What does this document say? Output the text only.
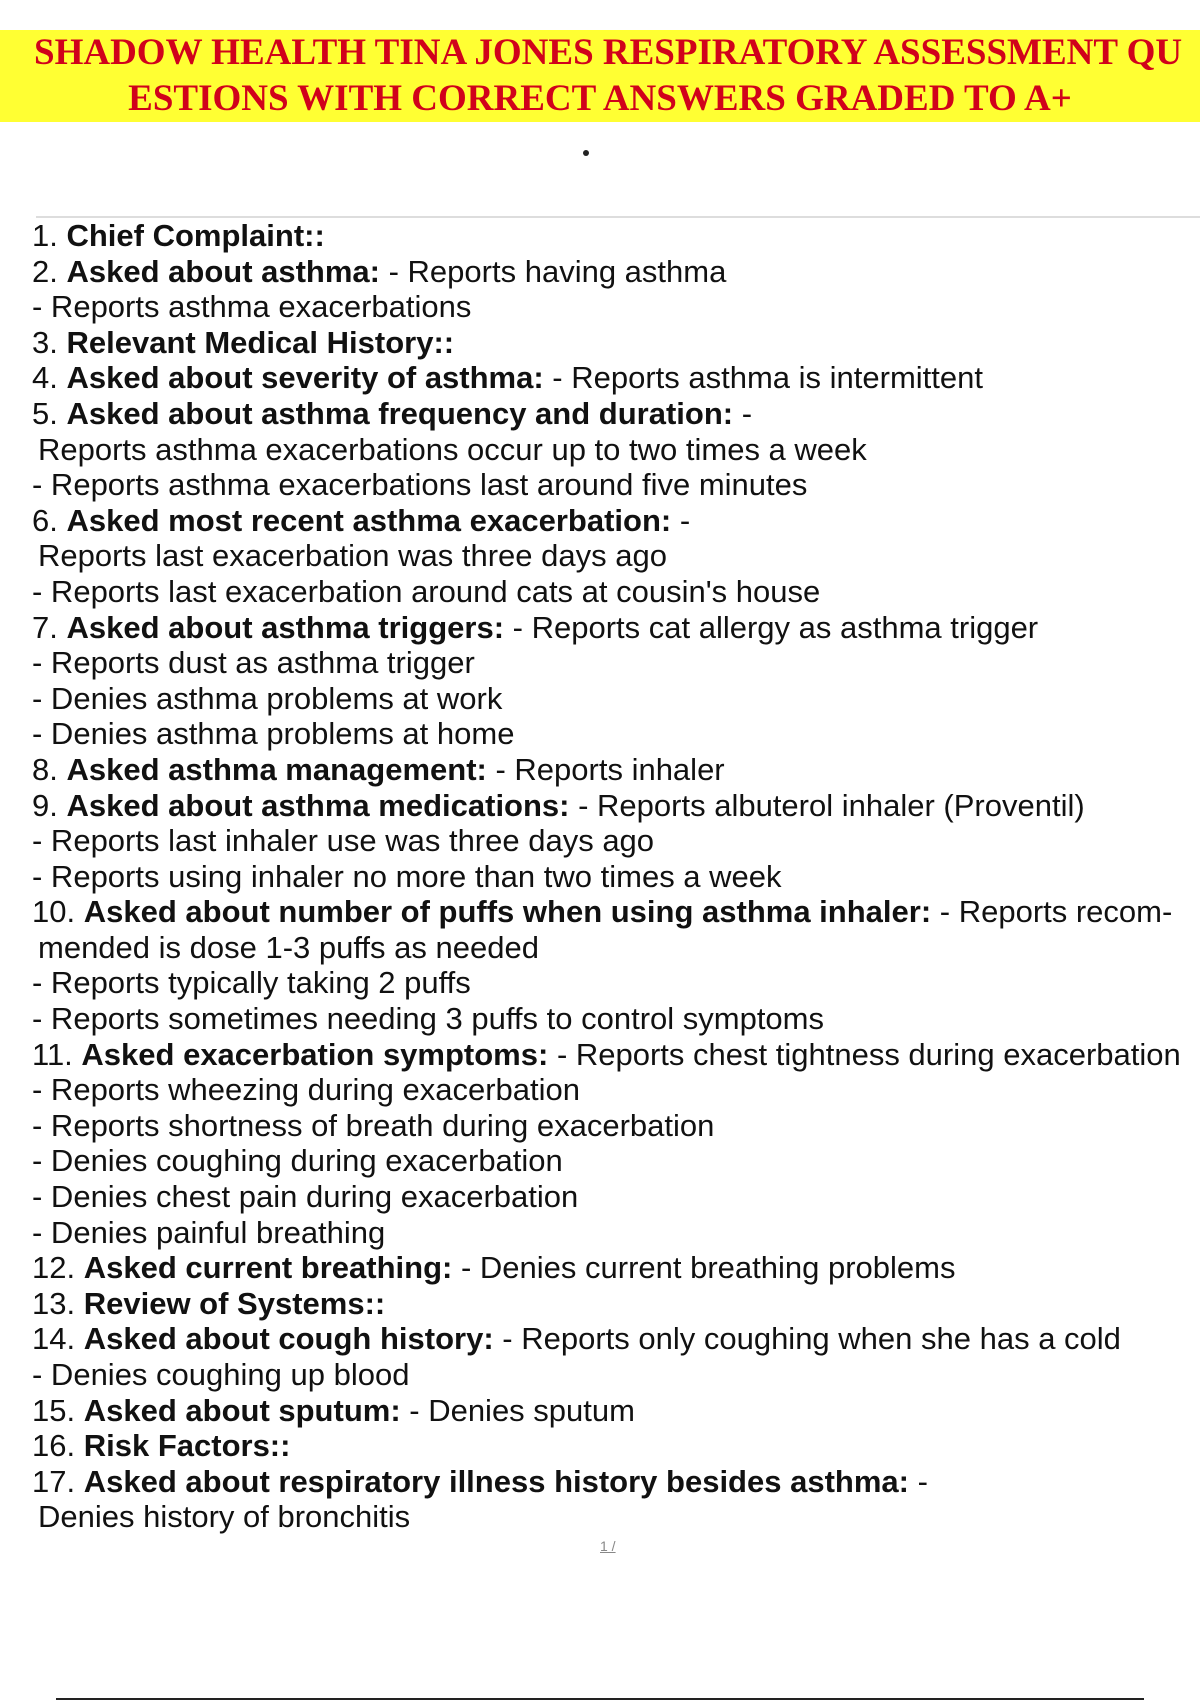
SHADOW HEALTH TINA JONES RESPIRATORY ASSESSMENT QU
ESTIONS WITH CORRECT ANSWERS GRADED TO A+
1. Chief Complaint::
2. Asked about asthma: - Reports having asthma
- Reports asthma exacerbations
3. Relevant Medical History::
4. Asked about severity of asthma: - Reports asthma is intermittent
5. Asked about asthma frequency and duration: -
Reports asthma exacerbations occur up to two times a week
- Reports asthma exacerbations last around five minutes
6. Asked most recent asthma exacerbation: -
Reports last exacerbation was three days ago
- Reports last exacerbation around cats at cousin's house
7. Asked about asthma triggers: - Reports cat allergy as asthma trigger
- Reports dust as asthma trigger
- Denies asthma problems at work
- Denies asthma problems at home
8. Asked asthma management: - Reports inhaler
9. Asked about asthma medications: - Reports albuterol inhaler (Proventil)
- Reports last inhaler use was three days ago
- Reports using inhaler no more than two times a week
10. Asked about number of puffs when using asthma inhaler: - Reports recom-
mended is dose 1-3 puffs as needed
- Reports typically taking 2 puffs
- Reports sometimes needing 3 puffs to control symptoms
11. Asked exacerbation symptoms: - Reports chest tightness during exacerbation
- Reports wheezing during exacerbation
- Reports shortness of breath during exacerbation
- Denies coughing during exacerbation
- Denies chest pain during exacerbation
- Denies painful breathing
12. Asked current breathing: - Denies current breathing problems
13. Review of Systems::
14. Asked about cough history: - Reports only coughing when she has a cold
- Denies coughing up blood
15. Asked about sputum: - Denies sputum
16. Risk Factors::
17. Asked about respiratory illness history besides asthma: -
Denies history of bronchitis
1 /
